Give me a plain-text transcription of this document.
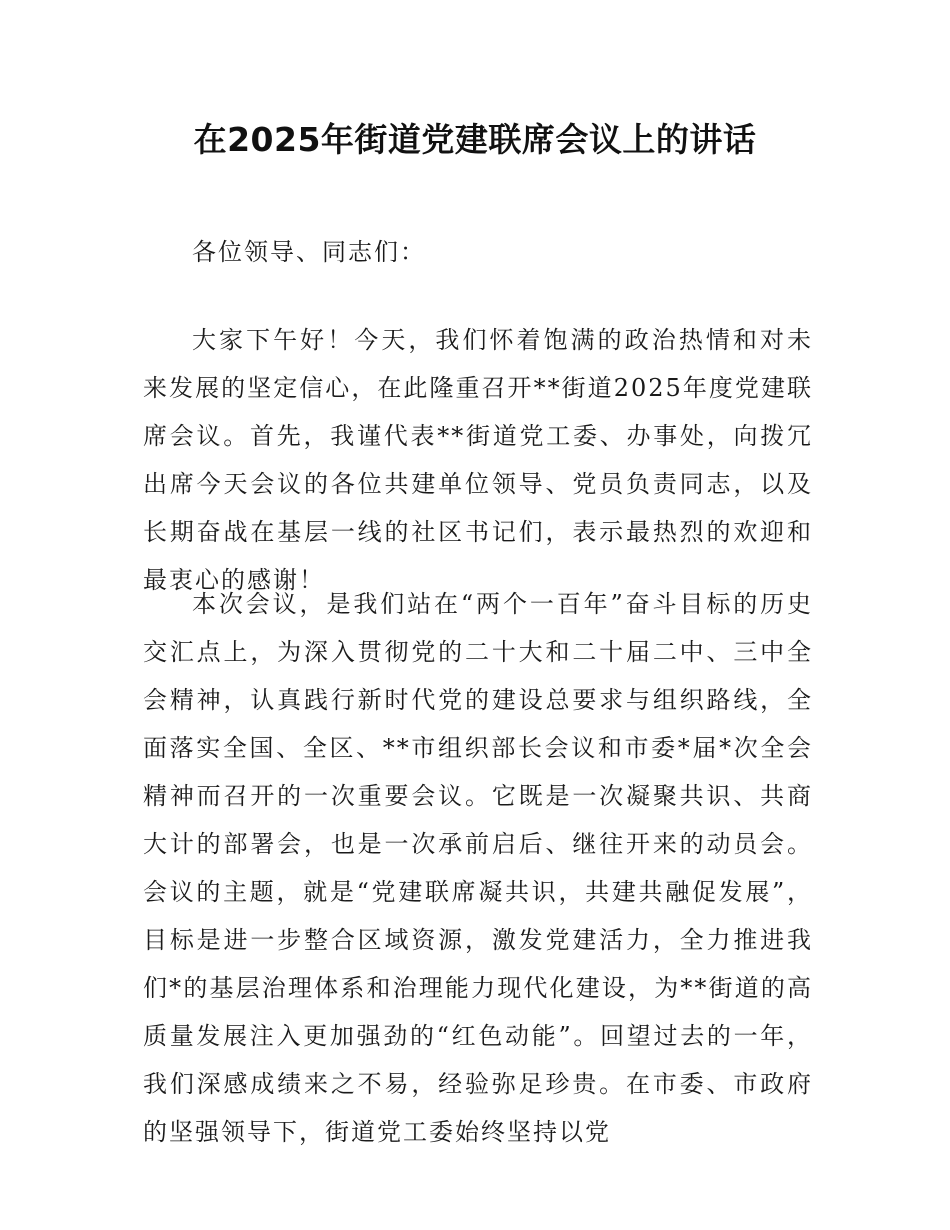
在2025年街道党建联席会议上的讲话

各位领导、同志们：

大家下午好！今天，我们怀着饱满的政治热情和对未来发展的坚定信心，在此隆重召开**街道2025年度党建联席会议。首先，我谨代表**街道党工委、办事处，向拨冗出席今天会议的各位共建单位领导、党员负责同志，以及长期奋战在基层一线的社区书记们，表示最热烈的欢迎和最衷心的感谢！

本次会议，是我们站在“两个一百年”奋斗目标的历史交汇点上，为深入贯彻党的二十大和二十届二中、三中全会精神，认真践行新时代党的建设总要求与组织路线，全面落实全国、全区、**市组织部长会议和市委*届*次全会精神而召开的一次重要会议。它既是一次凝聚共识、共商大计的部署会，也是一次承前启后、继往开来的动员会。会议的主题，就是“党建联席凝共识，共建共融促发展”，目标是进一步整合区域资源，激发党建活力，全力推进我们*的基层治理体系和治理能力现代化建设，为**街道的高质量发展注入更加强劲的“红色动能”。回望过去的一年，我们深感成绩来之不易，经验弥足珍贵。在市委、市政府的坚强领导下，街道党工委始终坚持以党
